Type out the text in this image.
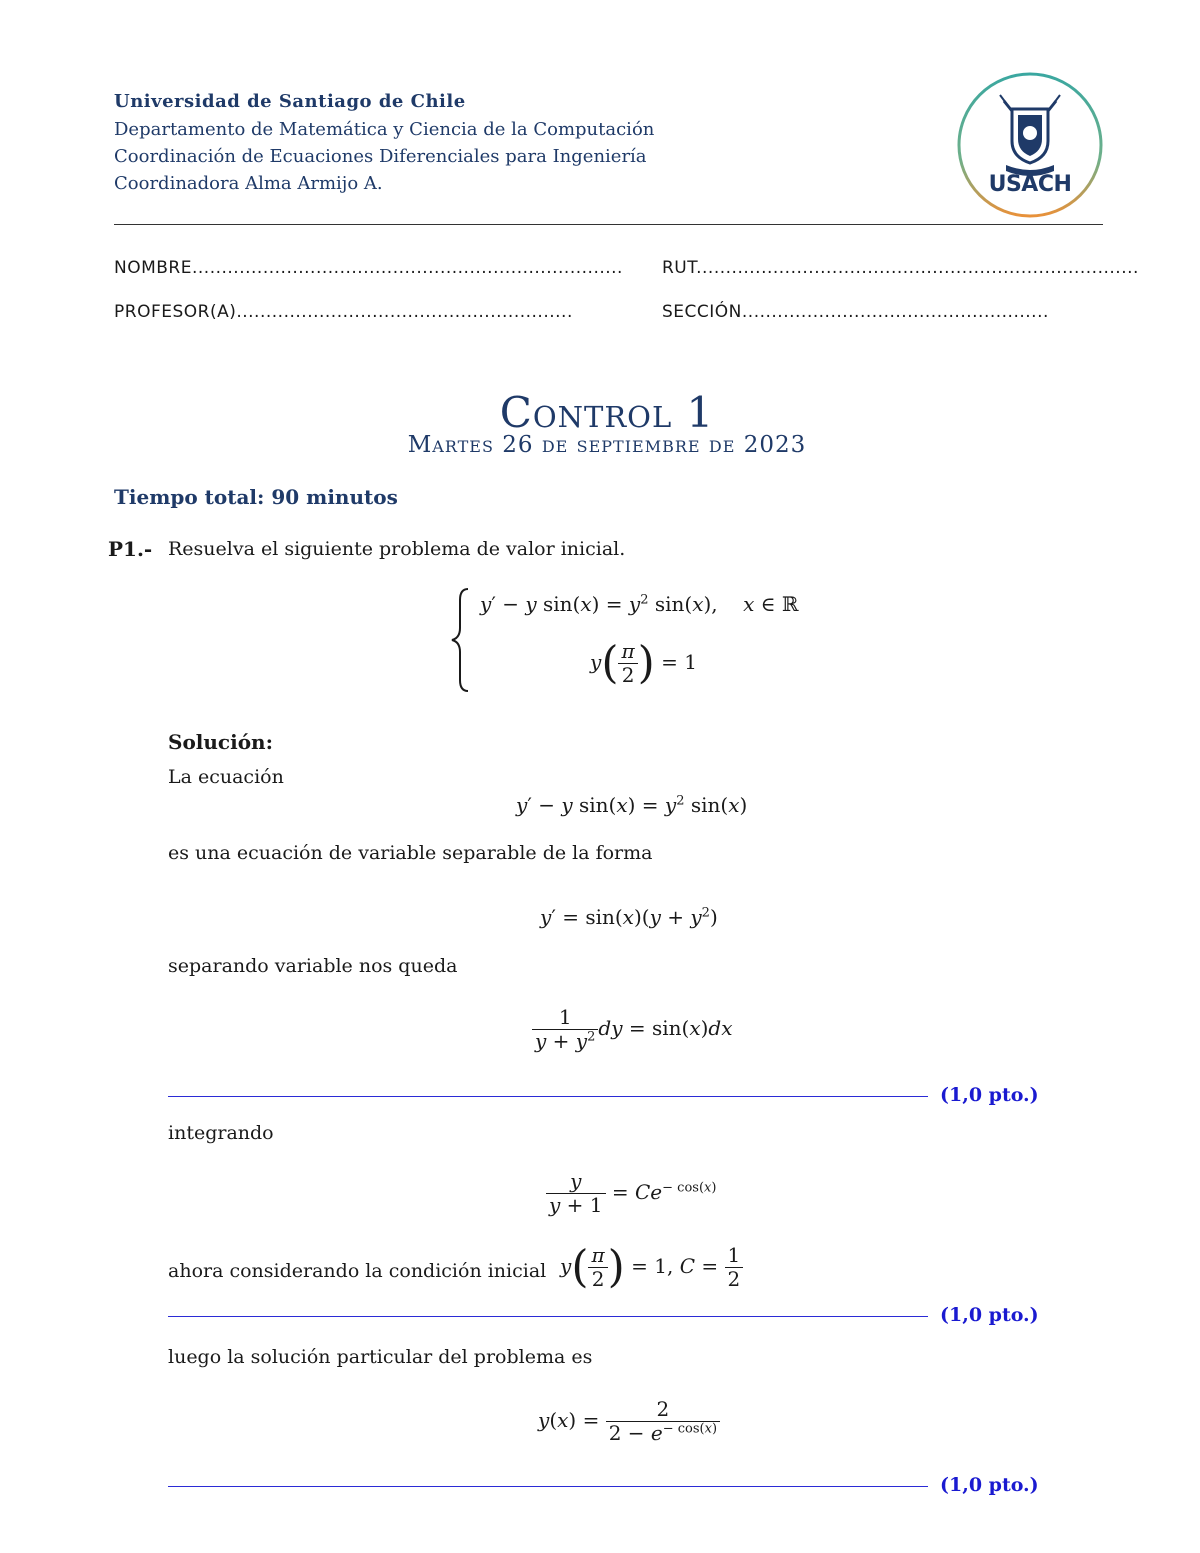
Universidad de Santiago de Chile
Departamento de Matemática y Ciencia de la Computación
Coordinación de Ecuaciones Diferenciales para Ingeniería
Coordinadora Alma Armijo A.	USACH
NOMBRE......................................................................... RUT...........................................................................
PROFESOR(A).........................................................	SECCIÓN....................................................
Control 1
Martes 26 de septiembre de 2023
Tiempo total: 90 minutos
P1.- Resuelva el siguiente problema de valor inicial.
y′ − y $\sin(x) = y^2$ sin(x),    x ∈ ℝ
$y( \frac{\pi}{2}$ ) = 1
Solución:
La ecuación
y′ − y $\sin(x) = y^2$ sin(x)
es una ecuación de variable separable de la forma
$y' = \sin(x)(y + y^2)$
separando variable nos queda
$\frac{1}{y + y^2}$ dy = sin(x)dx
(1,0 pto.)
integrando
$\frac{y}{y + 1} = Ce^{- cos(x)}$
ahora considerando la condición inicial $y( \frac{\pi}{2}$ ) = 1, $C = \frac{1}{2}$
(1,0 pto.)
luego la solución particular del problema es
$y(x) = \frac{2}{2 - e^{- cos(x)}}$
(1,0 pto.)
